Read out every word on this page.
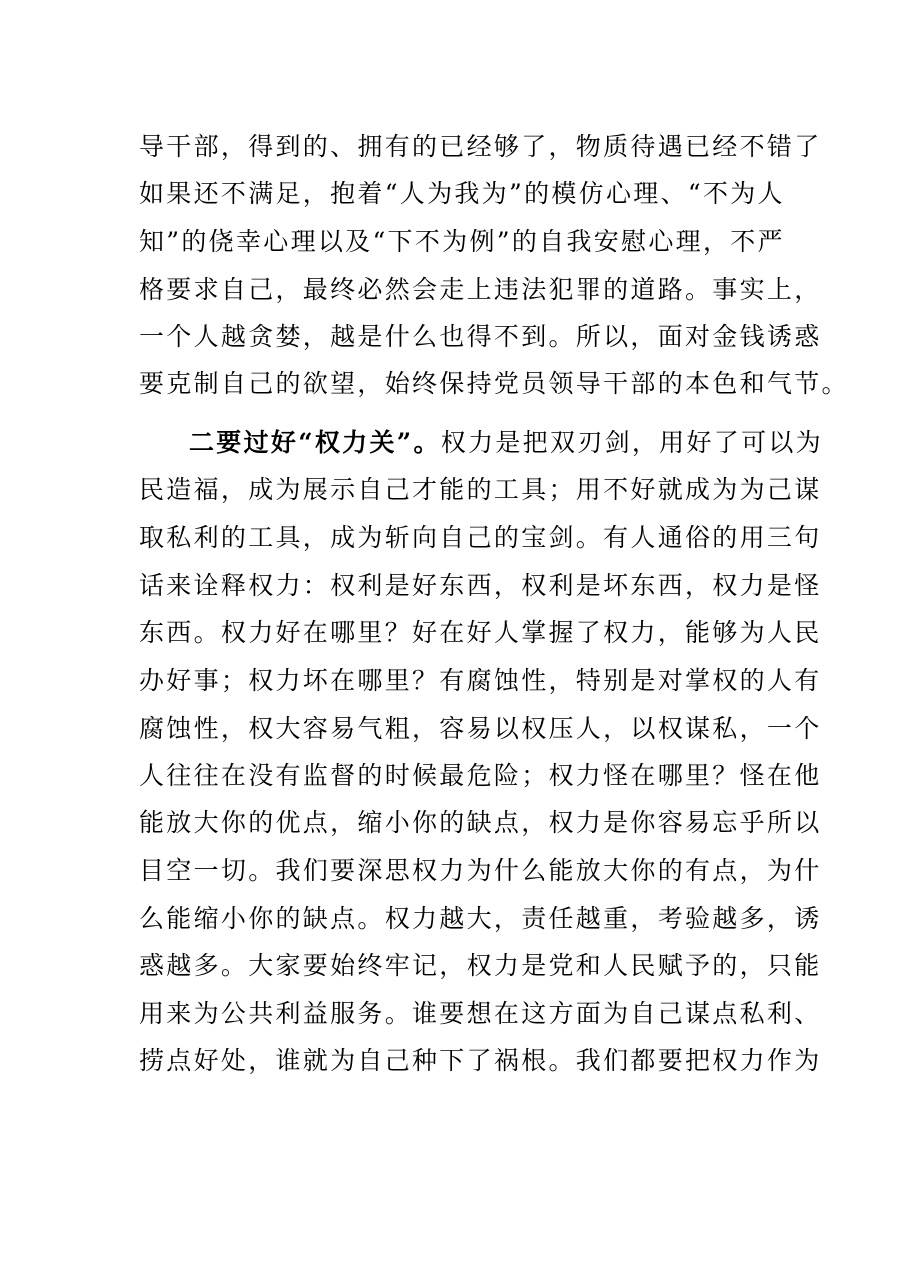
导干部，得到的、拥有的已经够了，物质待遇已经不错了
如果还不满足，抱着“人为我为”的模仿心理、“不为人
知”的侥幸心理以及“下不为例”的自我安慰心理，不严
格要求自己，最终必然会走上违法犯罪的道路。事实上，
一个人越贪婪，越是什么也得不到。所以，面对金钱诱惑
要克制自己的欲望，始终保持党员领导干部的本色和气节。
二要过好“权力关”。权力是把双刃剑，用好了可以为
民造福，成为展示自己才能的工具；用不好就成为为己谋
取私利的工具，成为斩向自己的宝剑。有人通俗的用三句
话来诠释权力：权利是好东西，权利是坏东西，权力是怪
东西。权力好在哪里？好在好人掌握了权力，能够为人民
办好事；权力坏在哪里？有腐蚀性，特别是对掌权的人有
腐蚀性，权大容易气粗，容易以权压人，以权谋私，一个
人往往在没有监督的时候最危险；权力怪在哪里？怪在他
能放大你的优点，缩小你的缺点，权力是你容易忘乎所以
目空一切。我们要深思权力为什么能放大你的有点，为什
么能缩小你的缺点。权力越大，责任越重，考验越多，诱
惑越多。大家要始终牢记，权力是党和人民赋予的，只能
用来为公共利益服务。谁要想在这方面为自己谋点私利、
捞点好处，谁就为自己种下了祸根。我们都要把权力作为
